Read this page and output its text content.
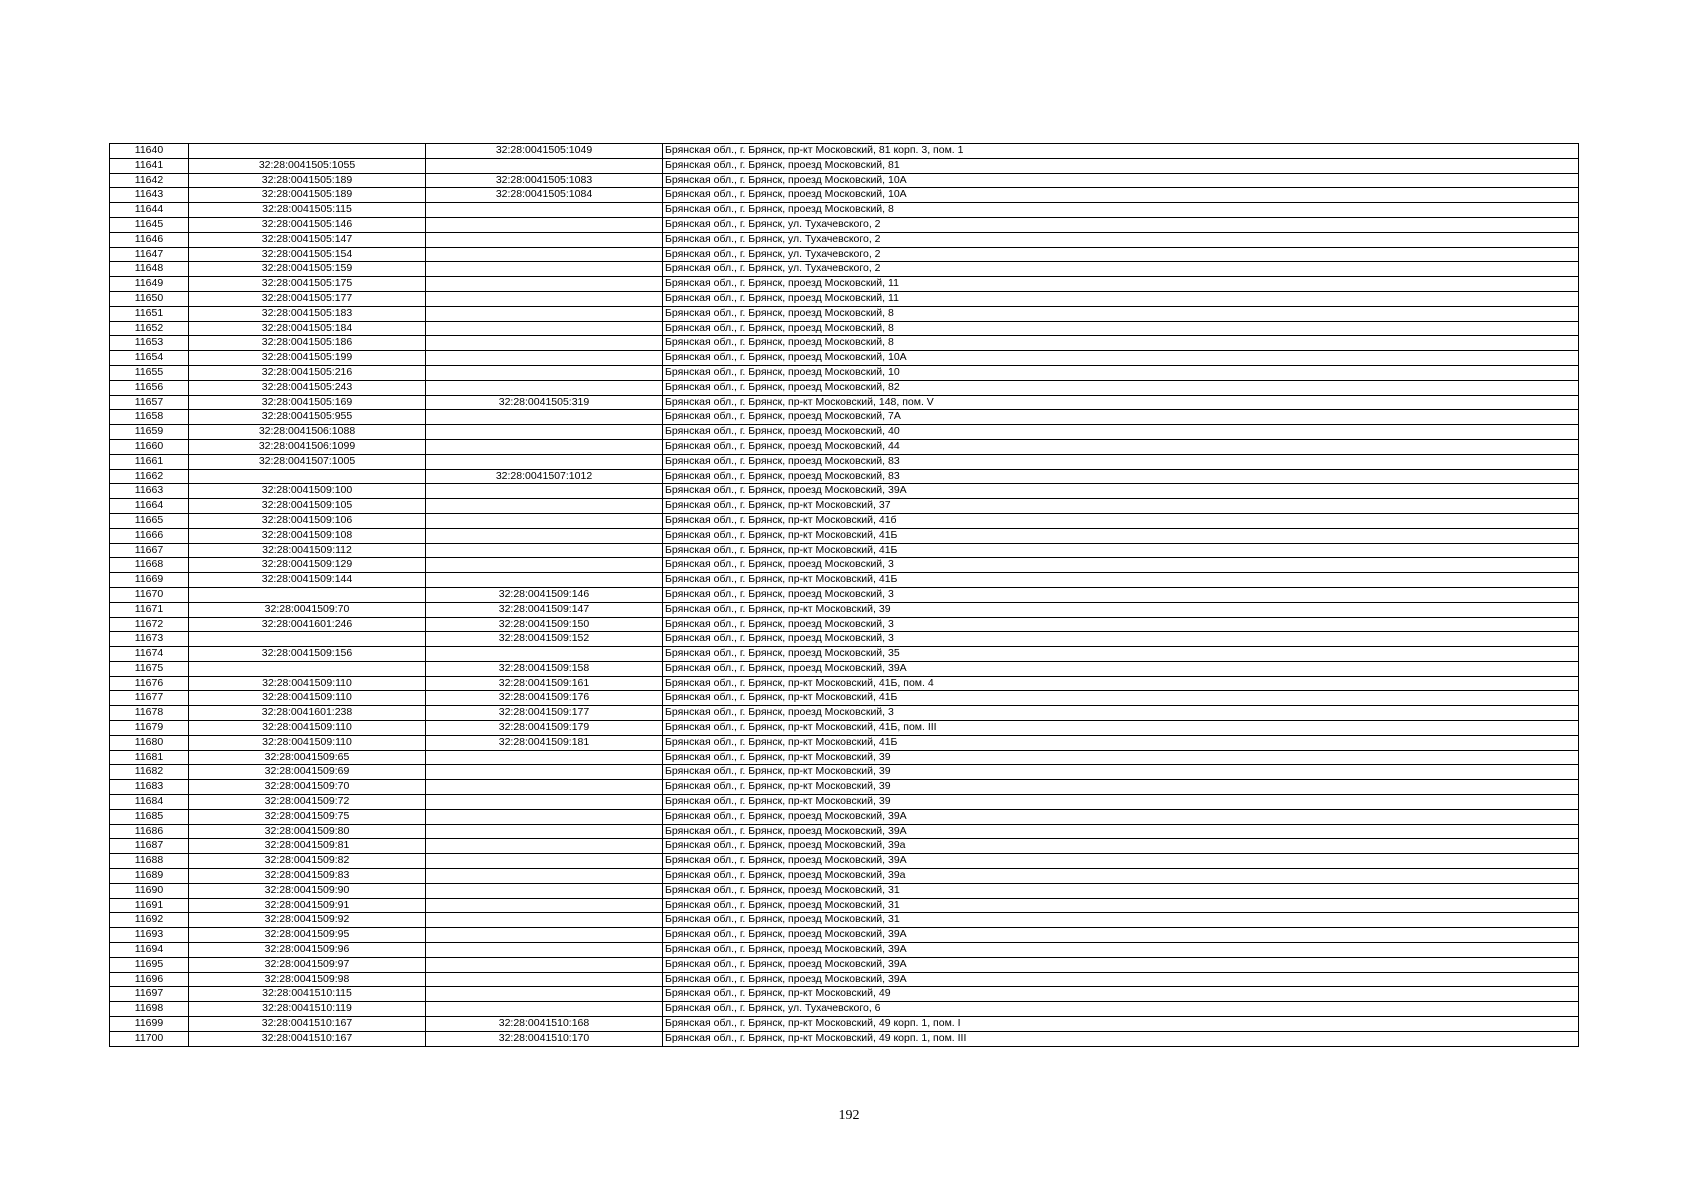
11640		32:28:0041505:1049	Брянская обл., г. Брянск, пр-кт Московский, 81 корп. 3, пом. 1
11641	32:28:0041505:1055		Брянская обл., г. Брянск, проезд Московский, 81
11642	32:28:0041505:189	32:28:0041505:1083	Брянская обл., г. Брянск, проезд Московский, 10А
11643	32:28:0041505:189	32:28:0041505:1084	Брянская обл., г. Брянск, проезд Московский, 10А
11644	32:28:0041505:115		Брянская обл., г. Брянск, проезд Московский, 8
11645	32:28:0041505:146		Брянская обл., г. Брянск, ул. Тухачевского, 2
11646	32:28:0041505:147		Брянская обл., г. Брянск, ул. Тухачевского, 2
11647	32:28:0041505:154		Брянская обл., г. Брянск, ул. Тухачевского, 2
11648	32:28:0041505:159		Брянская обл., г. Брянск, ул. Тухачевского, 2
11649	32:28:0041505:175		Брянская обл., г. Брянск, проезд Московский, 11
11650	32:28:0041505:177		Брянская обл., г. Брянск, проезд Московский, 11
11651	32:28:0041505:183		Брянская обл., г. Брянск, проезд Московский, 8
11652	32:28:0041505:184		Брянская обл., г. Брянск, проезд Московский, 8
11653	32:28:0041505:186		Брянская обл., г. Брянск, проезд Московский, 8
11654	32:28:0041505:199		Брянская обл., г. Брянск, проезд Московский, 10А
11655	32:28:0041505:216		Брянская обл., г. Брянск, проезд Московский, 10
11656	32:28:0041505:243		Брянская обл., г. Брянск, проезд Московский, 82
11657	32:28:0041505:169	32:28:0041505:319	Брянская обл., г. Брянск, пр-кт Московский, 148, пом. V
11658	32:28:0041505:955		Брянская обл., г. Брянск, проезд Московский, 7А
11659	32:28:0041506:1088		Брянская обл., г. Брянск, проезд Московский, 40
11660	32:28:0041506:1099		Брянская обл., г. Брянск, проезд Московский, 44
11661	32:28:0041507:1005		Брянская обл., г. Брянск, проезд Московский, 83
11662		32:28:0041507:1012	Брянская обл., г. Брянск, проезд Московский, 83
11663	32:28:0041509:100		Брянская обл., г. Брянск, проезд Московский, 39А
11664	32:28:0041509:105		Брянская обл., г. Брянск, пр-кт Московский, 37
11665	32:28:0041509:106		Брянская обл., г. Брянск, пр-кт Московский, 41б
11666	32:28:0041509:108		Брянская обл., г. Брянск, пр-кт Московский, 41Б
11667	32:28:0041509:112		Брянская обл., г. Брянск, пр-кт Московский, 41Б
11668	32:28:0041509:129		Брянская обл., г. Брянск, проезд Московский, 3
11669	32:28:0041509:144		Брянская обл., г. Брянск, пр-кт Московский, 41Б
11670		32:28:0041509:146	Брянская обл., г. Брянск, проезд Московский, 3
11671	32:28:0041509:70	32:28:0041509:147	Брянская обл., г. Брянск, пр-кт Московский, 39
11672	32:28:0041601:246	32:28:0041509:150	Брянская обл., г. Брянск, проезд Московский, 3
11673		32:28:0041509:152	Брянская обл., г. Брянск, проезд Московский, 3
11674	32:28:0041509:156		Брянская обл., г. Брянск, проезд Московский, 35
11675		32:28:0041509:158	Брянская обл., г. Брянск, проезд Московский, 39А
11676	32:28:0041509:110	32:28:0041509:161	Брянская обл., г. Брянск, пр-кт Московский, 41Б, пом. 4
11677	32:28:0041509:110	32:28:0041509:176	Брянская обл., г. Брянск, пр-кт Московский, 41Б
11678	32:28:0041601:238	32:28:0041509:177	Брянская обл., г. Брянск, проезд Московский, 3
11679	32:28:0041509:110	32:28:0041509:179	Брянская обл., г. Брянск, пр-кт Московский, 41Б, пом. III
11680	32:28:0041509:110	32:28:0041509:181	Брянская обл., г. Брянск, пр-кт Московский, 41Б
11681	32:28:0041509:65		Брянская обл., г. Брянск, пр-кт Московский, 39
11682	32:28:0041509:69		Брянская обл., г. Брянск, пр-кт Московский, 39
11683	32:28:0041509:70		Брянская обл., г. Брянск, пр-кт Московский, 39
11684	32:28:0041509:72		Брянская обл., г. Брянск, пр-кт Московский, 39
11685	32:28:0041509:75		Брянская обл., г. Брянск, проезд Московский, 39А
11686	32:28:0041509:80		Брянская обл., г. Брянск, проезд Московский, 39А
11687	32:28:0041509:81		Брянская обл., г. Брянск, проезд Московский, 39а
11688	32:28:0041509:82		Брянская обл., г. Брянск, проезд Московский, 39А
11689	32:28:0041509:83		Брянская обл., г. Брянск, проезд Московский, 39а
11690	32:28:0041509:90		Брянская обл., г. Брянск, проезд Московский, 31
11691	32:28:0041509:91		Брянская обл., г. Брянск, проезд Московский, 31
11692	32:28:0041509:92		Брянская обл., г. Брянск, проезд Московский, 31
11693	32:28:0041509:95		Брянская обл., г. Брянск, проезд Московский, 39А
11694	32:28:0041509:96		Брянская обл., г. Брянск, проезд Московский, 39А
11695	32:28:0041509:97		Брянская обл., г. Брянск, проезд Московский, 39А
11696	32:28:0041509:98		Брянская обл., г. Брянск, проезд Московский, 39А
11697	32:28:0041510:115		Брянская обл., г. Брянск, пр-кт Московский, 49
11698	32:28:0041510:119		Брянская обл., г. Брянск, ул. Тухачевского, 6
11699	32:28:0041510:167	32:28:0041510:168	Брянская обл., г. Брянск, пр-кт Московский, 49 корп. 1, пом. I
11700	32:28:0041510:167	32:28:0041510:170	Брянская обл., г. Брянск, пр-кт Московский, 49 корп. 1, пом. III
192
